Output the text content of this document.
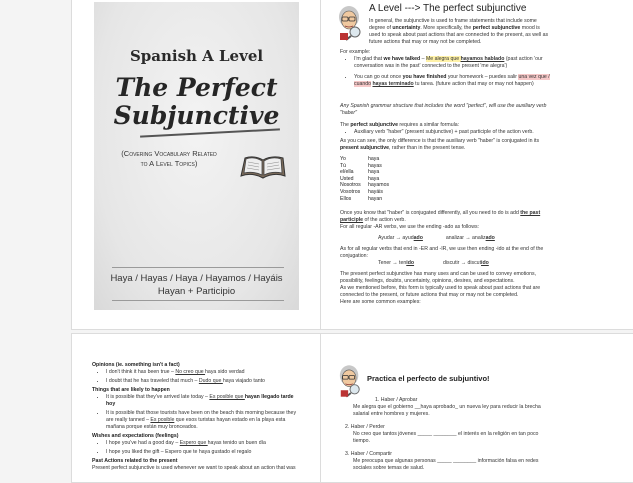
Spanish A Level
The Perfect
Subjunctive
(Covering Vocabulary Related
to A Level Topics)
Haya / Hayas / Haya / Hayamos / Hayáis
Hayan + Participio
A Level ---> The perfect subjunctive
In general, the subjunctive is used to frame statements that include some degree of uncertainty. More specifically, the perfect subjunctive mood is used to speak about past actions that are connected to the present, as well as future actions that may or may not be completed.
For example:
• I'm glad that we have talked – Me alegra que hayamos hablado (past action 'our conversation was in the past' connected to the present 'me alegra')
• You can go out once you have finished your homework – puedes salir una vez que / cuando hayas terminado tu tarea. (future action that may or may not happen)
Any Spanish grammar structure that includes the word "perfect", will use the auxiliary verb "haber"
The perfect subjunctive requires a similar formula:
• Auxiliary verb "haber" (present subjunctive) + past participle of the action verb.
As you can see, the only difference is that the auxiliary verb "haber" is conjugated in its present subjunctive, rather than in the present tense.
Yo	haya
Tú	hayas
el/ella	haya
Usted	haya
Nosotros	hayamos
Vosotros	hayáis
Ellos	hayan
Once you know that "haber" is conjugated differently, all you need to do is add the past participle of the action verb.
For all regular -AR verbs, we use the ending -ado as follows:
Ayudar → ayudado	analizar → analizado
As for all regular verbs that end in -ER and -IR, we use then ending -ido at the end of the conjugation:
Tener → tenido	discutir → discutido
The present perfect subjunctive has many uses and can be used to convey emotions, possibility, feelings, doubts, uncertainty, opinions, desires, and expectations.
As we mentioned before, this form is typically used to speak about past actions that are connected to the present, or future actions that may or may not be completed.
Here are some common examples:
Opinions (ie. something isn't a fact)
• I don't think it has been true – No creo que haya sido verdad
• I doubt that he has traveled that much – Dudo que haya viajado tanto
Things that are likely to happen
• It is possible that they've arrived late today – Es posible que hayan llegado tarde hoy
• It is possible that those tourists have been on the beach this morning because they are really tanned – Es posible que esos turistas hayan estado en la playa esta mañana porque están muy bronceados.
Wishes and expectations (feelings)
• I hope you've had a good day – Espero que hayas tenido un buen día
• I hope you liked the gift – Espero que te haya gustado el regalo
Past Actions related to the present
Present perfect subjunctive is used whenever we want to speak about an action that was
Practica el perfecto de subjuntivo!
1. Haber / Aprobar
Me alegra que el gobierno __haya aprobado_ un nueva ley para reducir la brecha salarial entre hombres y mujeres.
2. Haber / Perder
No creo que tantos jóvenes _____ ________ el interés en la religión en tan poco tiempo.
3. Haber / Compartir
Me preocupa que algunas personas _____ ________ información falsa en redes sociales sobre temas de salud.
